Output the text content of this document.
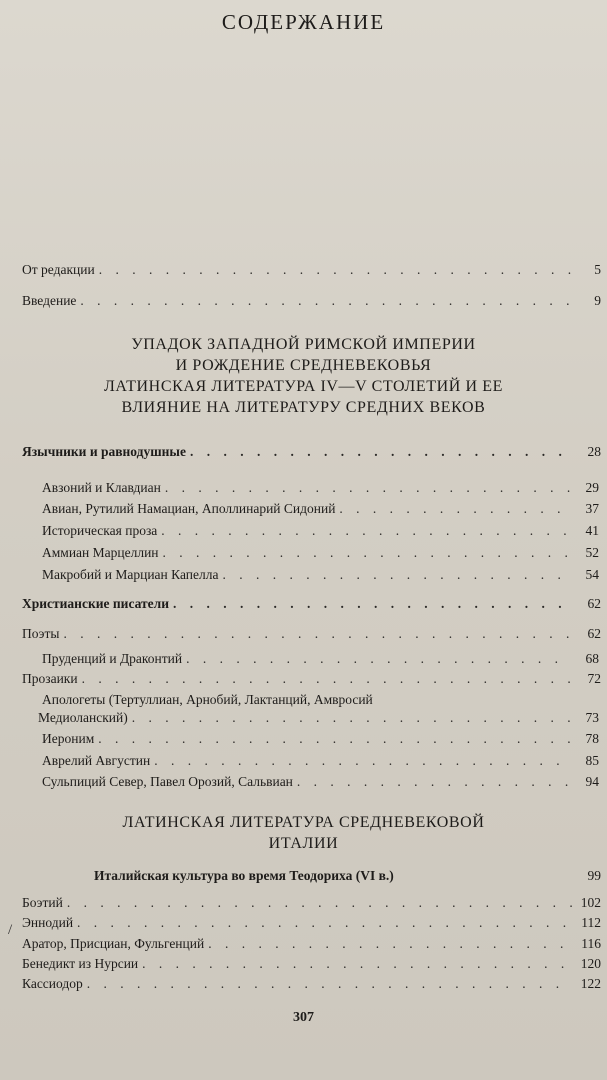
СОДЕРЖАНИЕ
От редакции . . .	5
Введение . . .	9
УПАДОК ЗАПАДНОЙ РИМСКОЙ ИМПЕРИИ
И РОЖДЕНИЕ СРЕДНЕВЕКОВЬЯ
ЛАТИНСКАЯ ЛИТЕРАТУРА IV—V СТОЛЕТИЙ И ЕЕ
ВЛИЯНИЕ НА ЛИТЕРАТУРУ СРЕДНИХ ВЕКОВ
Язычники и равнодушные . . .	28
Авзоний и Клавдиан . . .	29
Авиан, Рутилий Намациан, Аполлинарий Сидоний . . .	37
Историческая проза . . .	41
Аммиан Марцеллин . . .	52
Макробий и Марциан Капелла . . .	54
Христианские писатели . . .	62
Поэты . . .	62
Пруденций и Драконтий . . .	68
Прозаики . . .	72
Апологеты (Тертуллиан, Арнобий, Лактанций, Амвросий
Медиоланский) . . .	73
Иероним . . .	78
Аврелий Августин . . .	85
Сульпиций Север, Павел Орозий, Сальвиан . . .	94
ЛАТИНСКАЯ ЛИТЕРАТУРА СРЕДНЕВЕКОВОЙ
ИТАЛИИ
Италийская культура во время Теодориха (VI в.)	99
Боэтий . . .	102
Эннодий . . .	112
Аратор, Присциан, Фульгенций . . .	116
Бенедикт из Нурсии . . .	120
Кассиодор . . .	122
/
307
